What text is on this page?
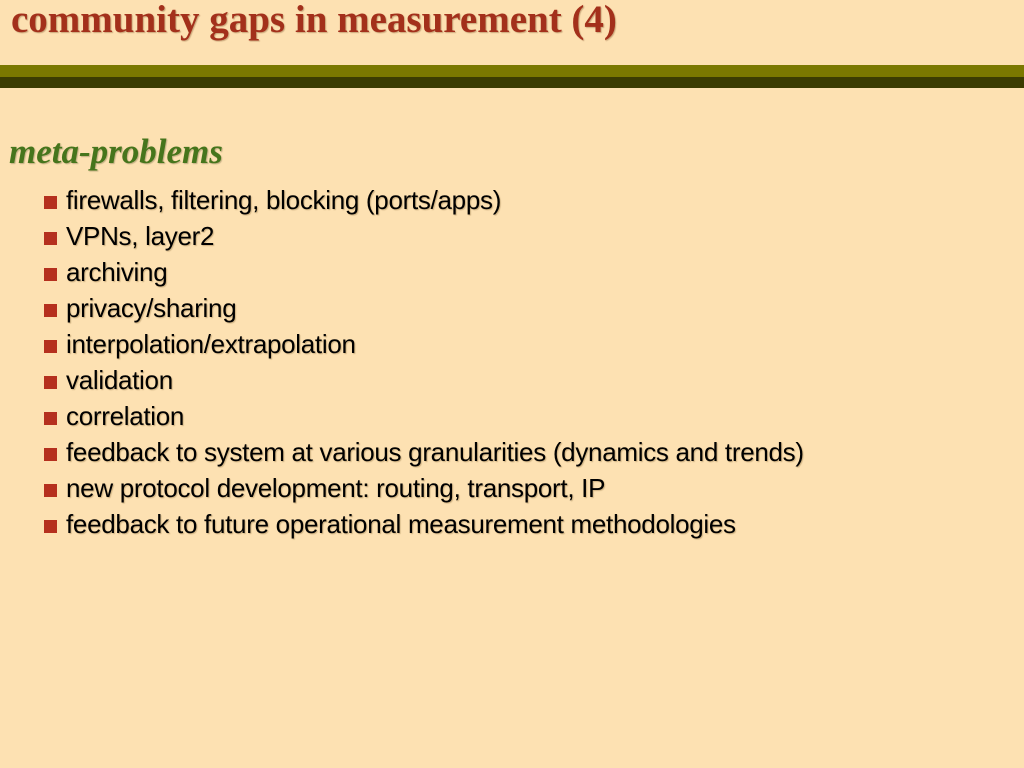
community gaps in measurement (4)
meta-problems
firewalls, filtering, blocking (ports/apps)
VPNs, layer2
archiving
privacy/sharing
interpolation/extrapolation
validation
correlation
feedback to system at various granularities (dynamics and trends)
new protocol development: routing, transport, IP
feedback to future operational measurement methodologies
